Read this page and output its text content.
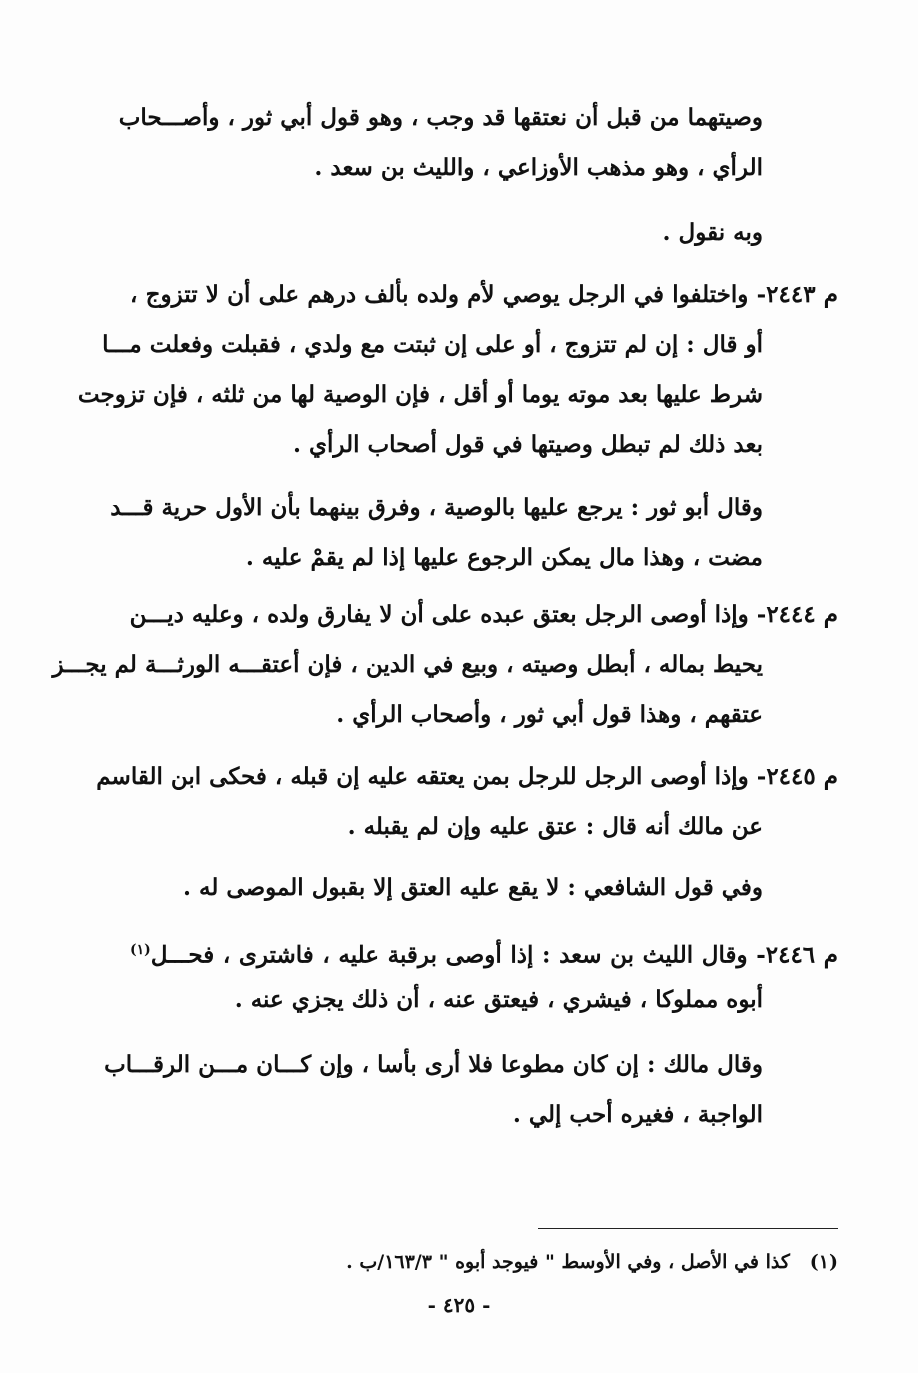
وصيتهما من قبل أن نعتقها قد وجب ، وهو قول أبي ثور ، وأصـــحاب
الرأي ، وهو مذهب الأوزاعي ، والليث بن سعد .
وبه نقول .
م ٢٤٤٣- واختلفوا في الرجل يوصي لأم ولده بألف درهم على أن لا تتزوج ،
أو قال : إن لم تتزوج ، أو على إن ثبتت مع ولدي ، فقبلت وفعلت مـــا
شرط عليها بعد موته يوما أو أقل ، فإن الوصية لها من ثلثه ، فإن تزوجت
بعد ذلك لم تبطل وصيتها في قول أصحاب الرأي .
وقال أبو ثور : يرجع عليها بالوصية ، وفرق بينهما بأن الأول حرية قـــد
مضت ، وهذا مال يمكن الرجوع عليها إذا لم يقمْ عليه .
م ٢٤٤٤- وإذا أوصى الرجل بعتق عبده على أن لا يفارق ولده ، وعليه ديـــن
يحيط بماله ، أبطل وصيته ، وبيع في الدين ، فإن أعتقـــه الورثـــة لم يجـــز
عتقهم ، وهذا قول أبي ثور ، وأصحاب الرأي .
م ٢٤٤٥- وإذا أوصى الرجل للرجل بمن يعتقه عليه إن قبله ، فحكى ابن القاسم
عن مالك أنه قال : عتق عليه وإن لم يقبله .
وفي قول الشافعي : لا يقع عليه العتق إلا بقبول الموصى له .
م ٢٤٤٦- وقال الليث بن سعد : إذا أوصى برقبة عليه ، فاشترى ، فحـــل$^{(١)}$
أبوه مملوكا ، فيشري ، فيعتق عنه ، أن ذلك يجزي عنه .
وقال مالك : إن كان مطوعا فلا أرى بأسا ، وإن كـــان مـــن الرقـــاب
الواجبة ، فغيره أحب إلي .
(١)   كذا في الأصل ، وفي الأوسط " فيوجد أبوه " ١٦٣/٣/ب .
- ٤٢٥ -
